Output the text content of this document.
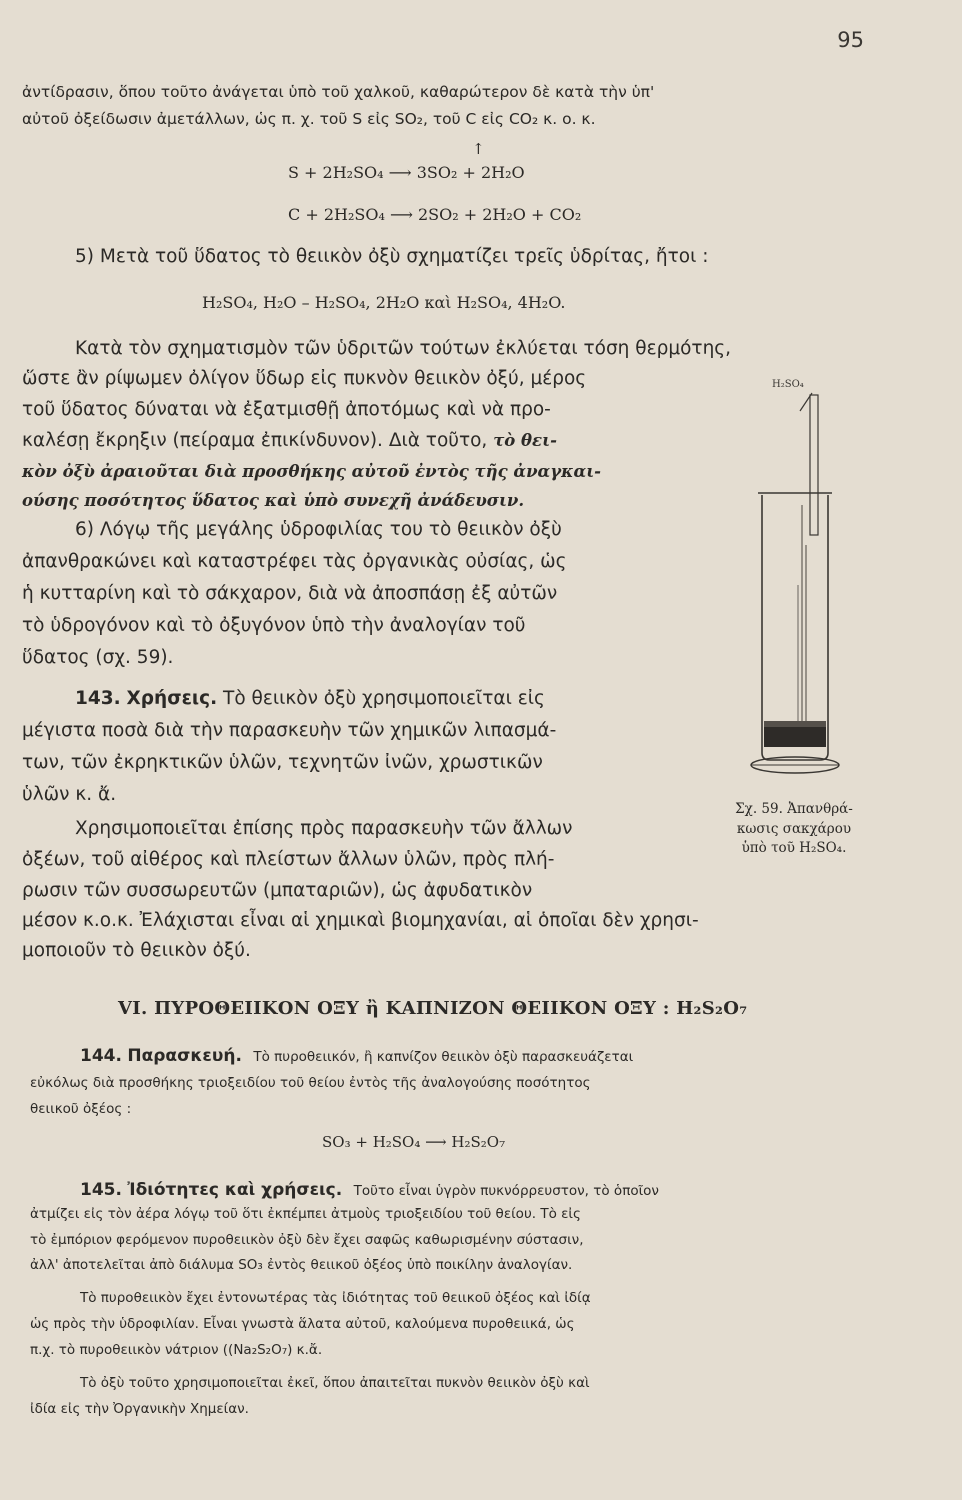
95
ἀντίδρασιν, ὅπου τοῦτο ἀνάγεται ὑπὸ τοῦ χαλκοῦ, καθαρώτερον δὲ κατὰ τὴν ὑπ'
αὐτοῦ ὀξείδωσιν ἀμετάλλων, ὡς π. χ. τοῦ S εἰς SO₂, τοῦ C εἰς CO₂ κ. ο. κ.
↑
S + 2H₂SO₄ ⟶ 3SO₂ + 2H₂O
C + 2H₂SO₄ ⟶ 2SO₂ + 2H₂O + CO₂
5) Μετὰ τοῦ ὕδατος τὸ θειικὸν ὀξὺ σχηματίζει τρεῖς ὑδρίτας, ἤτοι :
H₂SO₄, H₂O – H₂SO₄, 2H₂O καὶ H₂SO₄, 4H₂O.
Κατὰ τὸν σχηματισμὸν τῶν ὑδριτῶν τούτων ἐκλύεται τόση θερμότης,
ὥστε ἂν ρίψωμεν ὀλίγον ὕδωρ εἰς πυκνὸν θειικὸν ὀξύ, μέρος
τοῦ ὕδατος δύναται νὰ ἐξατμισθῇ ἀποτόμως καὶ νὰ προ-
καλέσῃ ἔκρηξιν (πείραμα ἐπικίνδυνον). Διὰ τοῦτο, τὸ θει-
κὸν ὀξὺ ἀραιοῦται διὰ προσθήκης αὐτοῦ ἐντὸς τῆς ἀναγκαι-
ούσης ποσότητος ὕδατος καὶ ὑπὸ συνεχῆ ἀνάδευσιν.
6) Λόγῳ τῆς μεγάλης ὑδροφιλίας του τὸ θειικὸν ὀξὺ
ἀπανθρακώνει καὶ καταστρέφει τὰς ὀργανικὰς οὐσίας, ὡς
ἡ κυτταρίνη καὶ τὸ σάκχαρον, διὰ νὰ ἀποσπάσῃ ἐξ αὐτῶν
τὸ ὑδρογόνον καὶ τὸ ὀξυγόνον ὑπὸ τὴν ἀναλογίαν τοῦ
ὕδατος (σχ. 59).
143. Χρήσεις. Τὸ θειικὸν ὀξὺ χρησιμοποιεῖται εἰς
μέγιστα ποσὰ διὰ τὴν παρασκευὴν τῶν χημικῶν λιπασμά-
των, τῶν ἐκρηκτικῶν ὑλῶν, τεχνητῶν ἰνῶν, χρωστικῶν
ὑλῶν κ. ἄ.
Χρησιμοποιεῖται ἐπίσης πρὸς παρασκευὴν τῶν ἄλλων
ὀξέων, τοῦ αἰθέρος καὶ πλείστων ἄλλων ὑλῶν, πρὸς πλή-
ρωσιν τῶν συσσωρευτῶν (μπαταριῶν), ὡς ἀφυδατικὸν
μέσον κ.ο.κ. Ἐλάχισται εἶναι αἱ χημικαὶ βιομηχανίαι, αἱ ὁποῖαι δὲν χρησι-
μοποιοῦν τὸ θειικὸν ὀξύ.
H₂SO₄
Σχ. 59. Ἀπανθρά-
κωσις σακχάρου
ὑπὸ τοῦ H₂SO₄.
VI. ΠΥΡΟΘΕΙΙΚΟΝ ΟΞΥ ἢ ΚΑΠΝΙΖΟΝ ΘΕΙΙΚΟΝ ΟΞΥ : H₂S₂O₇
144. Παρασκευή. Τὸ πυροθειικόν, ἢ καπνίζον θειικὸν ὀξὺ παρασκευάζεται
εὐκόλως διὰ προσθήκης τριοξειδίου τοῦ θείου ἐντὸς τῆς ἀναλογούσης ποσότητος
θειικοῦ ὀξέος :
SO₃ + H₂SO₄ ⟶ H₂S₂O₇
145. Ἰδιότητες καὶ χρήσεις. Τοῦτο εἶναι ὑγρὸν πυκνόρρευστον, τὸ ὁποῖον
ἀτμίζει εἰς τὸν ἀέρα λόγῳ τοῦ ὅτι ἐκπέμπει ἀτμοὺς τριοξειδίου τοῦ θείου. Τὸ εἰς
τὸ ἐμπόριον φερόμενον πυροθειικὸν ὀξὺ δὲν ἔχει σαφῶς καθωρισμένην σύστασιν,
ἀλλ' ἀποτελεῖται ἀπὸ διάλυμα SO₃ ἐντὸς θειικοῦ ὀξέος ὑπὸ ποικίλην ἀναλογίαν.
Τὸ πυροθειικὸν ἔχει ἐντονωτέρας τὰς ἰδιότητας τοῦ θειικοῦ ὀξέος καὶ ἰδίᾳ
ὡς πρὸς τὴν ὑδροφιλίαν. Εἶναι γνωστὰ ἅλατα αὐτοῦ, καλούμενα πυροθειικά, ὡς
π.χ. τὸ πυροθειικὸν νάτριον ((Na₂S₂O₇) κ.ἄ.
Τὸ ὀξὺ τοῦτο χρησιμοποιεῖται ἐκεῖ, ὅπου ἀπαιτεῖται πυκνὸν θειικὸν ὀξὺ καὶ
ἰδία εἰς τὴν Ὀργανικὴν Χημείαν.
